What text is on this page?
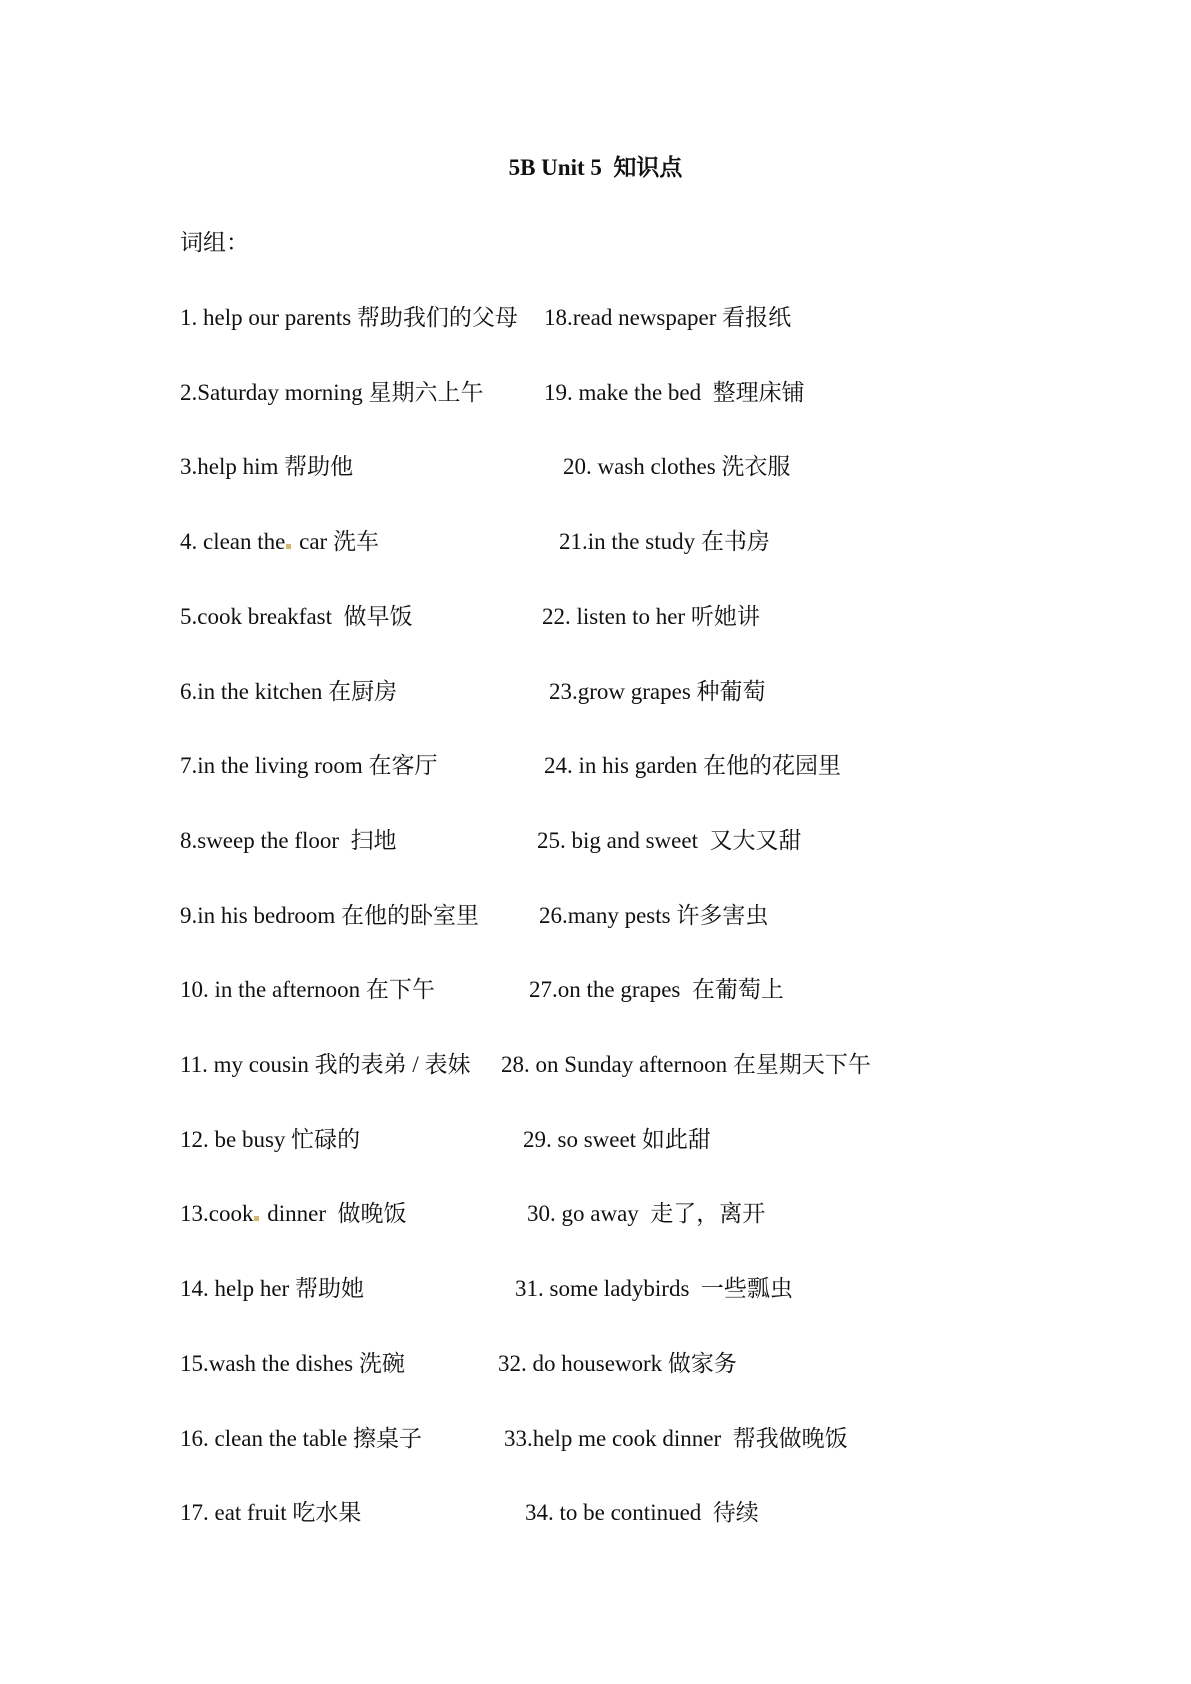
5B Unit 5  知识点
词组：
1. help our parents 帮助我们的父母 18.read newspaper 看报纸
2.Saturday morning 星期六上午	19. make the bed  整理床铺
3.help him 帮助他	20. wash clothes 洗衣服
4. clean the car 洗车	21.in the study 在书房
5.cook breakfast  做早饭	22. listen to her 听她讲
6.in the kitchen 在厨房	23.grow grapes 种葡萄
7.in the living room 在客厅	24. in his garden 在他的花园里
8.sweep the floor  扫地	25. big and sweet  又大又甜
9.in his bedroom 在他的卧室里	26.many pests 许多害虫
10. in the afternoon 在下午	27.on the grapes  在葡萄上
11. my cousin 我的表弟 / 表妹 28. on Sunday afternoon 在星期天下午
12. be busy 忙碌的	29. so sweet 如此甜
13.cook dinner  做晚饭	30. go away  走了，离开
14. help her 帮助她	31. some ladybirds  一些瓢虫
15.wash the dishes 洗碗	32. do housework 做家务
16. clean the table 擦桌子	33.help me cook dinner  帮我做晚饭
17. eat fruit 吃水果	34. to be continued  待续
